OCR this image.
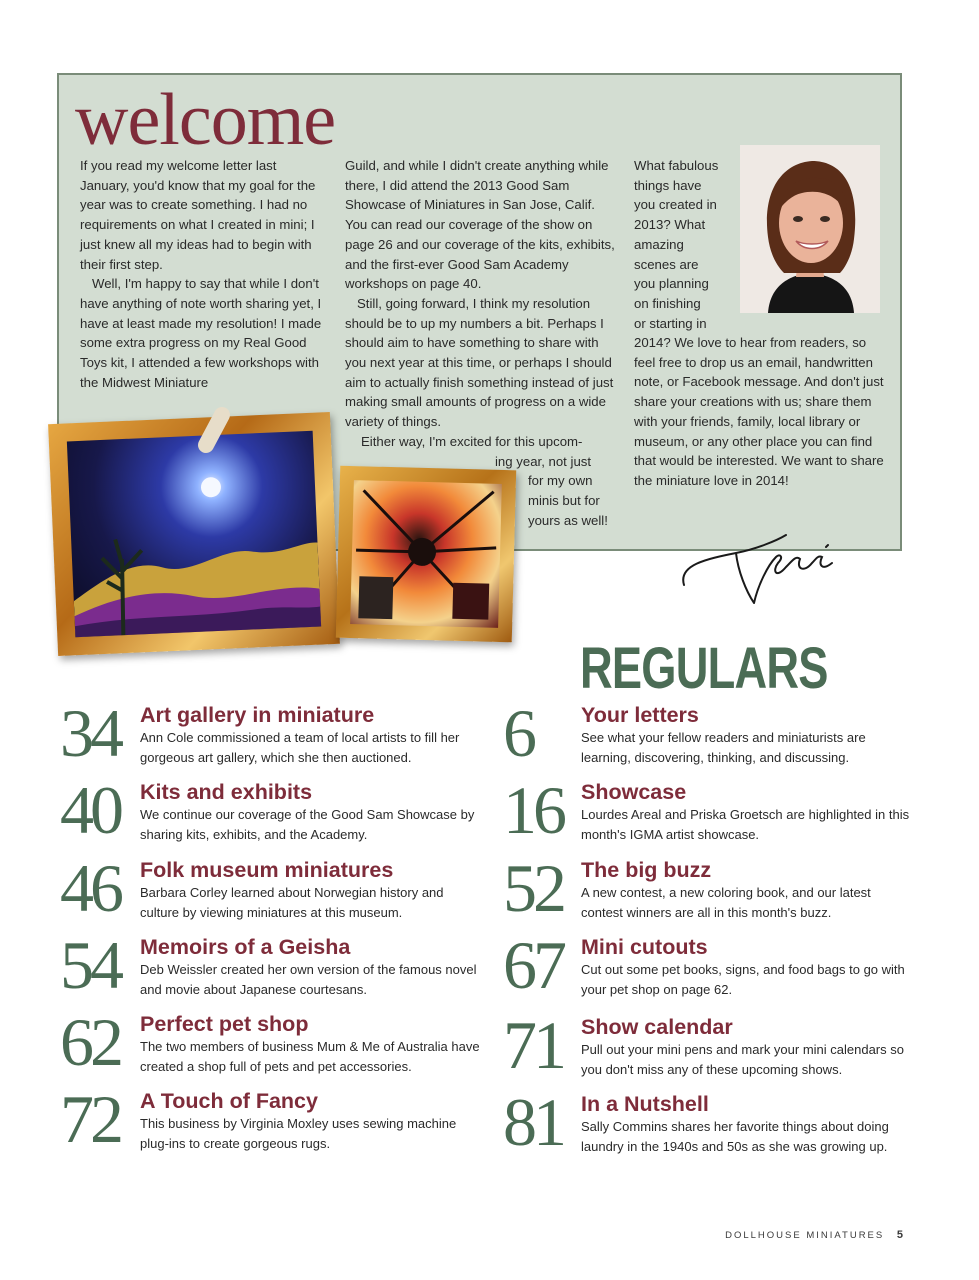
welcome

If you read my welcome letter last January, you'd know that my goal for the year was to create something. I had no requirements on what I created in mini; I just knew all my ideas had to begin with their first step.

Well, I'm happy to say that while I don't have anything of note worth sharing yet, I have at least made my resolution! I made some extra progress on my Real Good Toys kit, I attended a few workshops with the Midwest Miniature

Guild, and while I didn't create anything while there, I did attend the 2013 Good Sam Showcase of Miniatures in San Jose, Calif. You can read our coverage of the show on page 26 and our coverage of the kits, exhibits, and the first-ever Good Sam Academy workshops on page 40.

Still, going forward, I think my resolution should be to up my numbers a bit. Perhaps I should aim to have something to share with you next year at this time, or perhaps I should aim to actually finish something instead of just making small amounts of progress on a wide variety of things.

Either way, I'm excited for this upcom-
ing year, not just
for my own
minis but for
yours as well!

What fabulous
things have
you created in
2013? What
amazing
scenes are
you planning
on finishing
or starting in

2014? We love to hear from readers, so feel free to drop us an email, handwritten note, or Facebook message. And don't just share your creations with us; share them with your friends, family, local library or museum, or any other place you can find that would be interested. We want to share the miniature love in 2014!

REGULARS
34 Art gallery in miniature
Ann Cole commissioned a team of local artists to fill her gorgeous art gallery, which she then auctioned.
40 Kits and exhibits
We continue our coverage of the Good Sam Showcase by sharing kits, exhibits, and the Academy.
46 Folk museum miniatures
Barbara Corley learned about Norwegian history and culture by viewing miniatures at this museum.
54 Memoirs of a Geisha
Deb Weissler created her own version of the famous novel and movie about Japanese courtesans.
62 Perfect pet shop
The two members of business Mum & Me of Australia have created a shop full of pets and pet accessories.
72 A Touch of Fancy
This business by Virginia Moxley uses sewing machine plug-ins to create gorgeous rugs.
6 Your letters
See what your fellow readers and miniaturists are learning, discovering, thinking, and discussing.
16 Showcase
Lourdes Areal and Priska Groetsch are highlighted in this month's IGMA artist showcase.
52 The big buzz
A new contest, a new coloring book, and our latest contest winners are all in this month's buzz.
67 Mini cutouts
Cut out some pet books, signs, and food bags to go with your pet shop on page 62.
71 Show calendar
Pull out your mini pens and mark your mini calendars so you don't miss any of these upcoming shows.
81 In a Nutshell
Sally Commins shares her favorite things about doing laundry in the 1940s and 50s as she was growing up.
DOLLHOUSE MINIATURES 5
